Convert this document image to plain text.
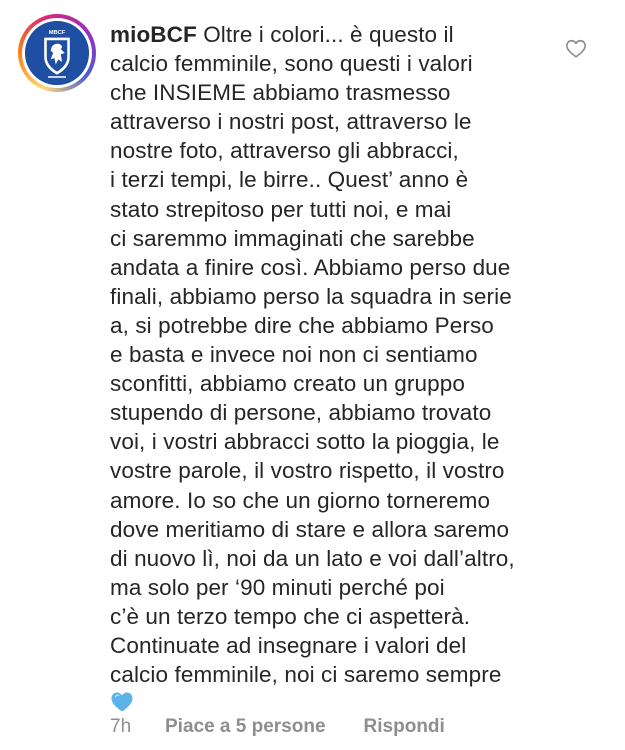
MBCF mioBCF Oltre i colori... è questo il
calcio femminile, sono questi i valori
che INSIEME abbiamo trasmesso
attraverso i nostri post, attraverso le
nostre foto, attraverso gli abbracci,
i terzi tempi, le birre.. Quest’ anno è
stato strepitoso per tutti noi, e mai
ci saremmo immaginati che sarebbe
andata a finire così. Abbiamo perso due
finali, abbiamo perso la squadra in serie
a, si potrebbe dire che abbiamo Perso
e basta e invece noi non ci sentiamo
sconfitti, abbiamo creato un gruppo
stupendo di persone, abbiamo trovato
voi, i vostri abbracci sotto la pioggia, le
vostre parole, il vostro rispetto, il vostro
amore. Io so che un giorno torneremo
dove meritiamo di stare e allora saremo
di nuovo lì, noi da un lato e voi dall’altro,
ma solo per ‘90 minuti perché poi
c’è un terzo tempo che ci aspetterà.
Continuate ad insegnare i valori del
calcio femminile, noi ci saremo sempre
7h	Piace a 5 persone Rispondi
